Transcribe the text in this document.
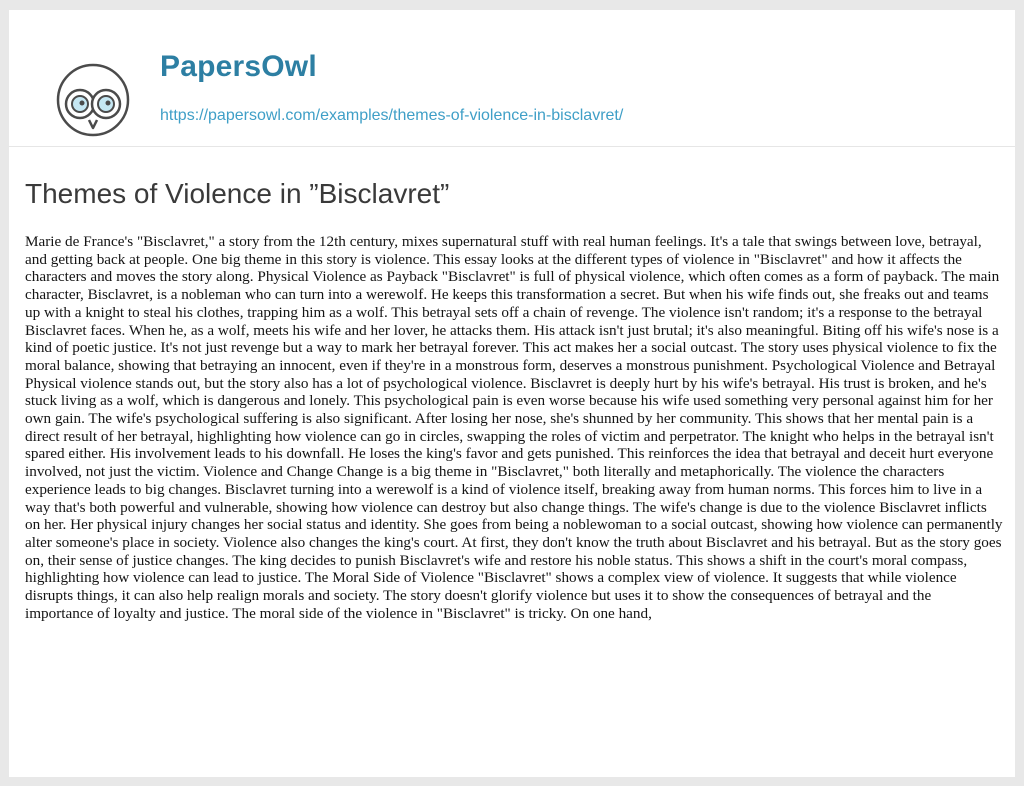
PapersOwl
https://papersowl.com/examples/themes-of-violence-in-bisclavret/
Themes of Violence in ”Bisclavret”

Marie de France's "Bisclavret," a story from the 12th century, mixes supernatural stuff with real human feelings. It's a tale that swings between love, betrayal, and getting back at people. One big theme in this story is violence. This essay looks at the different types of violence in "Bisclavret" and how it affects the characters and moves the story along. Physical Violence as Payback "Bisclavret" is full of physical violence, which often comes as a form of payback. The main character, Bisclavret, is a nobleman who can turn into a werewolf. He keeps this transformation a secret. But when his wife finds out, she freaks out and teams up with a knight to steal his clothes, trapping him as a wolf. This betrayal sets off a chain of revenge. The violence isn't random; it's a response to the betrayal Bisclavret faces. When he, as a wolf, meets his wife and her lover, he attacks them. His attack isn't just brutal; it's also meaningful. Biting off his wife's nose is a kind of poetic justice. It's not just revenge but a way to mark her betrayal forever. This act makes her a social outcast. The story uses physical violence to fix the moral balance, showing that betraying an innocent, even if they're in a monstrous form, deserves a monstrous punishment. Psychological Violence and Betrayal Physical violence stands out, but the story also has a lot of psychological violence. Bisclavret is deeply hurt by his wife's betrayal. His trust is broken, and he's stuck living as a wolf, which is dangerous and lonely. This psychological pain is even worse because his wife used something very personal against him for her own gain. The wife's psychological suffering is also significant. After losing her nose, she's shunned by her community. This shows that her mental pain is a direct result of her betrayal, highlighting how violence can go in circles, swapping the roles of victim and perpetrator. The knight who helps in the betrayal isn't spared either. His involvement leads to his downfall. He loses the king's favor and gets punished. This reinforces the idea that betrayal and deceit hurt everyone involved, not just the victim. Violence and Change Change is a big theme in "Bisclavret," both literally and metaphorically. The violence the characters experience leads to big changes. Bisclavret turning into a werewolf is a kind of violence itself, breaking away from human norms. This forces him to live in a way that's both powerful and vulnerable, showing how violence can destroy but also change things. The wife's change is due to the violence Bisclavret inflicts on her. Her physical injury changes her social status and identity. She goes from being a noblewoman to a social outcast, showing how violence can permanently alter someone's place in society. Violence also changes the king's court. At first, they don't know the truth about Bisclavret and his betrayal. But as the story goes on, their sense of justice changes. The king decides to punish Bisclavret's wife and restore his noble status. This shows a shift in the court's moral compass, highlighting how violence can lead to justice. The Moral Side of Violence "Bisclavret" shows a complex view of violence. It suggests that while violence disrupts things, it can also help realign morals and society. The story doesn't glorify violence but uses it to show the consequences of betrayal and the importance of loyalty and justice. The moral side of the violence in "Bisclavret" is tricky. On one hand,
